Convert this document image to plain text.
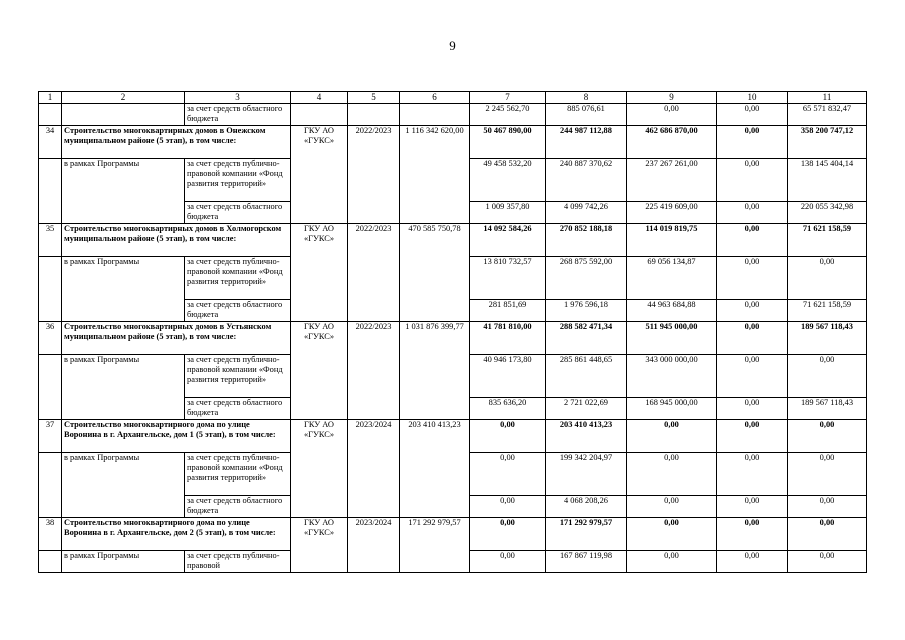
9
1	2	3	4	5	6	7	8	9	10	11
		за счет средств областного бюджета				2 245 562,70	885 076,61	0,00	0,00	65 571 832,47
34	Строительство многоквартирных домов в Онежском муниципальном районе (5 этап), в том числе:		ГКУ АО «ГУКС»	2022/2023	1 116 342 620,00	50 467 890,00	244 987 112,88	462 686 870,00	0,00	358 200 747,12
	в рамках Программы	за счет средств публично-правовой компании «Фонд развития территорий»				49 458 532,20	240 887 370,62	237 267 261,00	0,00	138 145 404,14
		за счет средств областного бюджета				1 009 357,80	4 099 742,26	225 419 609,00	0,00	220 055 342,98
35	Строительство многоквартирных домов в Холмогорском муниципальном районе (5 этап), в том числе:		ГКУ АО «ГУКС»	2022/2023	470 585 750,78	14 092 584,26	270 852 188,18	114 019 819,75	0,00	71 621 158,59
	в рамках Программы	за счет средств публично-правовой компании «Фонд развития территорий»				13 810 732,57	268 875 592,00	69 056 134,87	0,00	0,00
		за счет средств областного бюджета				281 851,69	1 976 596,18	44 963 684,88	0,00	71 621 158,59
36	Строительство многоквартирных домов в Устьянском муниципальном районе (5 этап), в том числе:		ГКУ АО «ГУКС»	2022/2023	1 031 876 399,77	41 781 810,00	288 582 471,34	511 945 000,00	0,00	189 567 118,43
	в рамках Программы	за счет средств публично-правовой компании «Фонд развития территорий»				40 946 173,80	285 861 448,65	343 000 000,00	0,00	0,00
		за счет средств областного бюджета				835 636,20	2 721 022,69	168 945 000,00	0,00	189 567 118,43
37	Строительство многоквартирного дома по улице Воронина в г. Архангельске, дом 1 (5 этап), в том числе:		ГКУ АО «ГУКС»	2023/2024	203 410 413,23	0,00	203 410 413,23	0,00	0,00	0,00
	в рамках Программы	за счет средств публично-правовой компании «Фонд развития территорий»				0,00	199 342 204,97	0,00	0,00	0,00
		за счет средств областного бюджета				0,00	4 068 208,26	0,00	0,00	0,00
38	Строительство многоквартирного дома по улице Воронина в г. Архангельске, дом 2 (5 этап), в том числе:		ГКУ АО «ГУКС»	2023/2024	171 292 979,57	0,00	171 292 979,57	0,00	0,00	0,00
	в рамках Программы	за счет средств публично-правовой				0,00	167 867 119,98	0,00	0,00	0,00
